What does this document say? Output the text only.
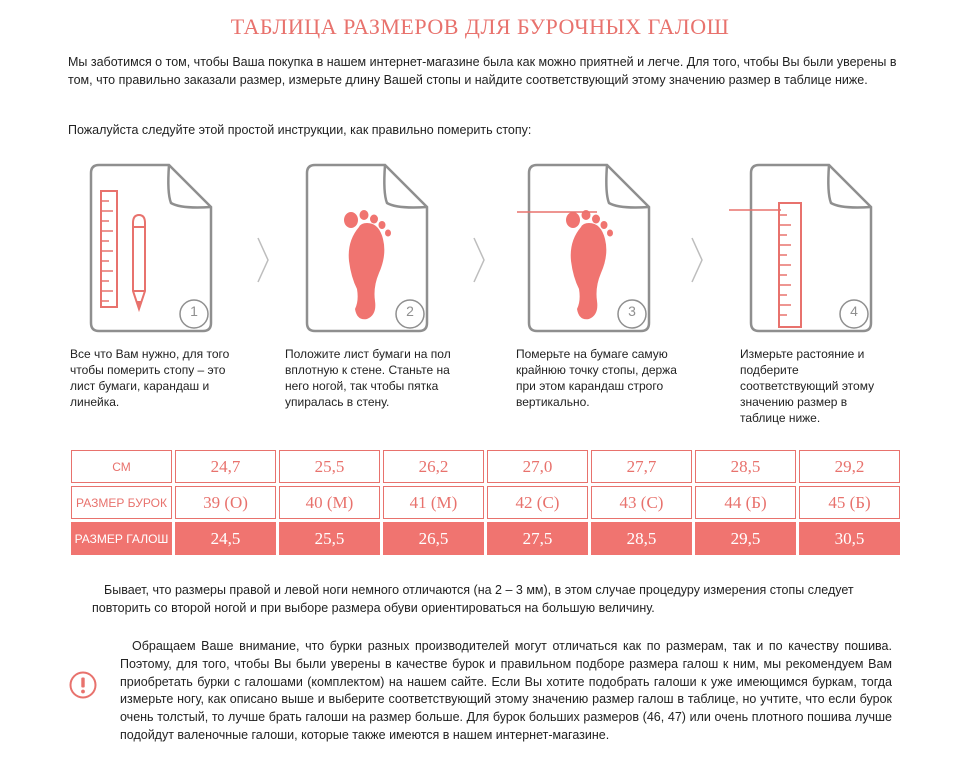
ТАБЛИЦА РАЗМЕРОВ ДЛЯ БУРОЧНЫХ ГАЛОШ
Мы заботимся о том, чтобы Ваша покупка в нашем интернет-магазине была как можно приятней и легче. Для того, чтобы Вы были уверены в том, что правильно заказали размер, измерьте длину Вашей стопы и найдите соответствующий этому значению размер в таблице ниже.
Пожалуйста следуйте этой простой инструкции, как правильно померить стопу:
1	2	3	4
Все что Вам нужно, для того чтобы померить стопу – это лист бумаги, карандаш и линейка.
Положите лист бумаги на пол вплотную к стене. Станьте на него ногой, так чтобы пятка упиралась в стену.
Померьте на бумаге самую крайнюю точку стопы, держа при этом карандаш строго вертикально.
Измерьте растояние и подберите соответствующий этому значению размер в таблице ниже.
СМ	24,7	25,5	26,2	27,0	27,7	28,5	29,2
РАЗМЕР БУРОК	39 (О)	40 (М)	41 (М)	42 (С)	43 (С)	44 (Б)	45 (Б)
РАЗМЕР ГАЛОШ	24,5	25,5	26,5	27,5	28,5	29,5	30,5
Бывает, что размеры правой и левой ноги немного отличаются (на 2 – 3 мм), в этом случае процедуру измерения стопы следует повторить со второй ногой и при выборе размера обуви ориентироваться на большую величину.
Обращаем Ваше внимание, что бурки разных производителей могут отличаться как по размерам, так и по качеству пошива. Поэтому, для того, чтобы Вы были уверены в качестве бурок и правильном подборе размера галош к ним, мы рекомендуем Вам приобретать бурки с галошами (комплектом) на нашем сайте. Если Вы хотите подобрать галоши к уже имеющимся буркам, тогда измерьте ногу, как описано выше и выберите соответствующий этому значению размер галош в таблице, но учтите, что если бурок очень толстый, то лучше брать галоши на размер больше. Для бурок больших размеров (46, 47) или очень плотного пошива лучше подойдут валеночные галоши, которые также имеются в нашем интернет-магазине.
